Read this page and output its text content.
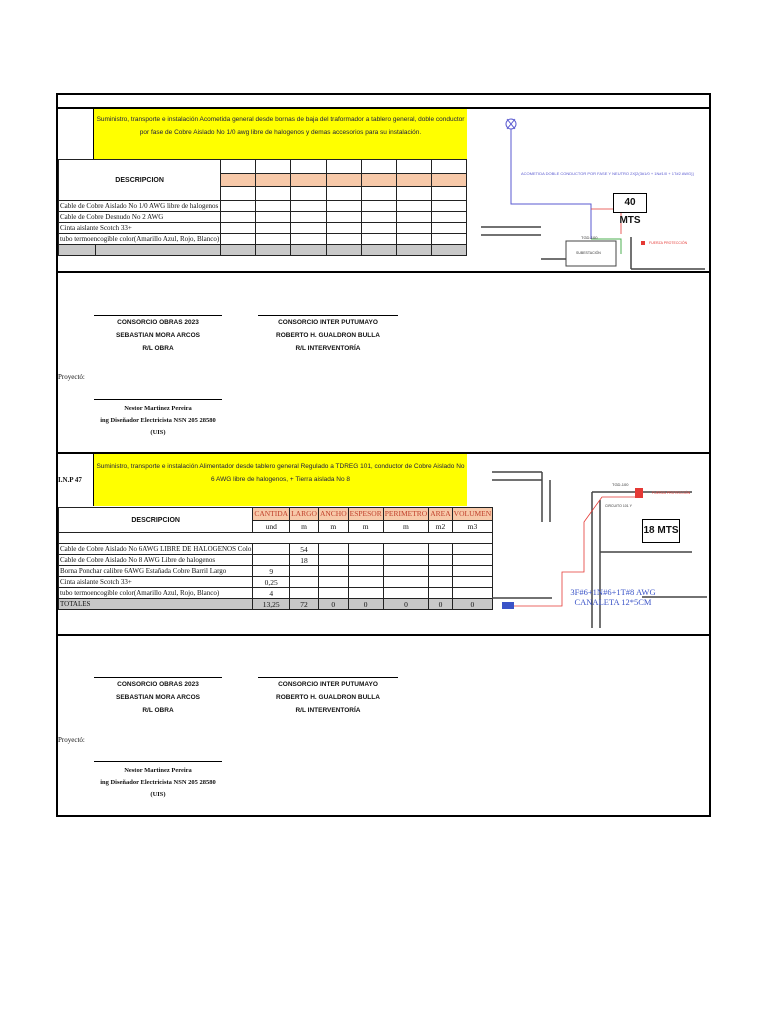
Suministro, transporte e instalación Acometida general desde bornas de baja del traformador a tablero general, doble conductor por fase de Cobre Aislado No 1/0 awg libre de halogenos y demas accesorios para su instalación.
DESCRIPCION								

Cable de Cobre Aislado No 1/0 AWG libre de halogenos								
Cable de Cobre Desnudo No 2 AWG								
Cinta aislante Scotch 33+								
tubo termoencogible color(Amarillo Azul, Rojo, Blanco)								

ACOMETIDA DOBLE CONDUCTOR POR FASE Y NEUTRO 2X[2(3#1/0 + 1N#1/0 + 1T#2 AWG)]
TGD-100
FUERZA PROTECCIÓN
SUBESTACIÓN
40 MTS
CONSORCIO OBRAS 2023
SEBASTIAN MORA ARCOS
R/L OBRA
CONSORCIO INTER PUTUMAYO
ROBERTO H. GUALDRON BULLA
R/L INTERVENTORÍA
Proyectó:
Nestor Martinez Pereira
ing Diseñador Electricista NSN 205 28580 (UIS)
I.N.P 47
Suministro, transporte e instalación Alimentador desde tablero general Regulado a TDREG 101, conductor de Cobre Aislado No 6 AWG libre de halogenos, + Tierra aislada No 8
DESCRIPCION	CANTIDA	LARGO	ANCHO	ESPESOR	PERIMETRO	AREA	VOLUMEN
	und	m	m	m	m	m2	m3

Cable de Cobre Aislado No 6AWG LIBRE DE HALOGENOS Colo		54					
Cable de Cobre Aislado No 8 AWG Libre de halogenos		18					
Borna Ponchar calibre 6AWG Estañada Cobre Barril Largo	9						
Cinta aislante Scotch 33+	0,25						
tubo termoencogible color(Amarillo Azul, Rojo, Blanco)	4						
TOTALES	13,25	72	0	0	0	0	0
TGD-100
FUERZA PROTECCIÓN
CIRCUITO 101 Y
18 MTS
3F#6+1N#6+1T#8 AWG
CANALETA 12*5CM
CONSORCIO OBRAS 2023
SEBASTIAN MORA ARCOS
R/L OBRA
CONSORCIO INTER PUTUMAYO
ROBERTO H. GUALDRON BULLA
R/L INTERVENTORÍA
Proyectó:
Nestor Martinez Pereira
ing Diseñador Electricista NSN 205 28580 (UIS)
